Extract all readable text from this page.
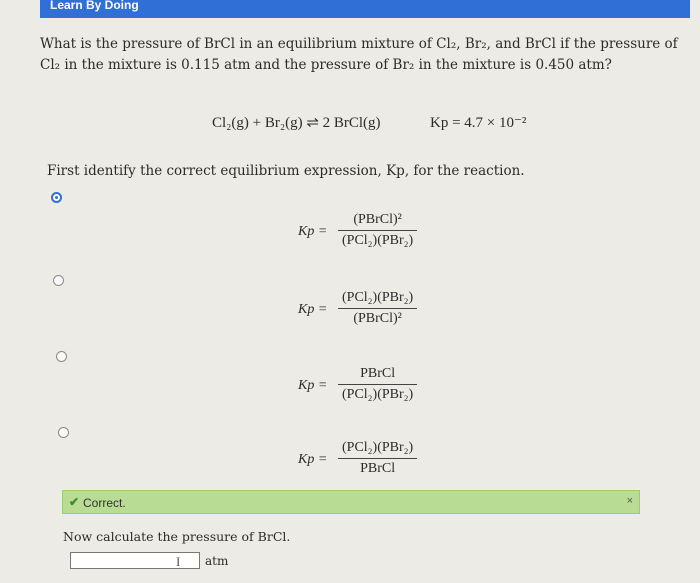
Learn By Doing
What is the pressure of BrCl in an equilibrium mixture of Cl₂, Br₂, and BrCl if the pressure of Cl₂ in the mixture is 0.115 atm and the pressure of Br₂ in the mixture is 0.450 atm?
Cl₂(g) + Br₂(g) ⇌ 2 BrCl(g)	Kp = 4.7 × 10⁻²
First identify the correct equilibrium expression, Kp, for the reaction.
Kp =
(PBrCl)²
(PCl₂)(PBr₂)
Kp =
(PCl₂)(PBr₂)
(PBrCl)²
Kp =
PBrCl
(PCl₂)(PBr₂)
Kp =
(PCl₂)(PBr₂)
PBrCl
✔ Correct.	×
Now calculate the pressure of BrCl.
I atm
